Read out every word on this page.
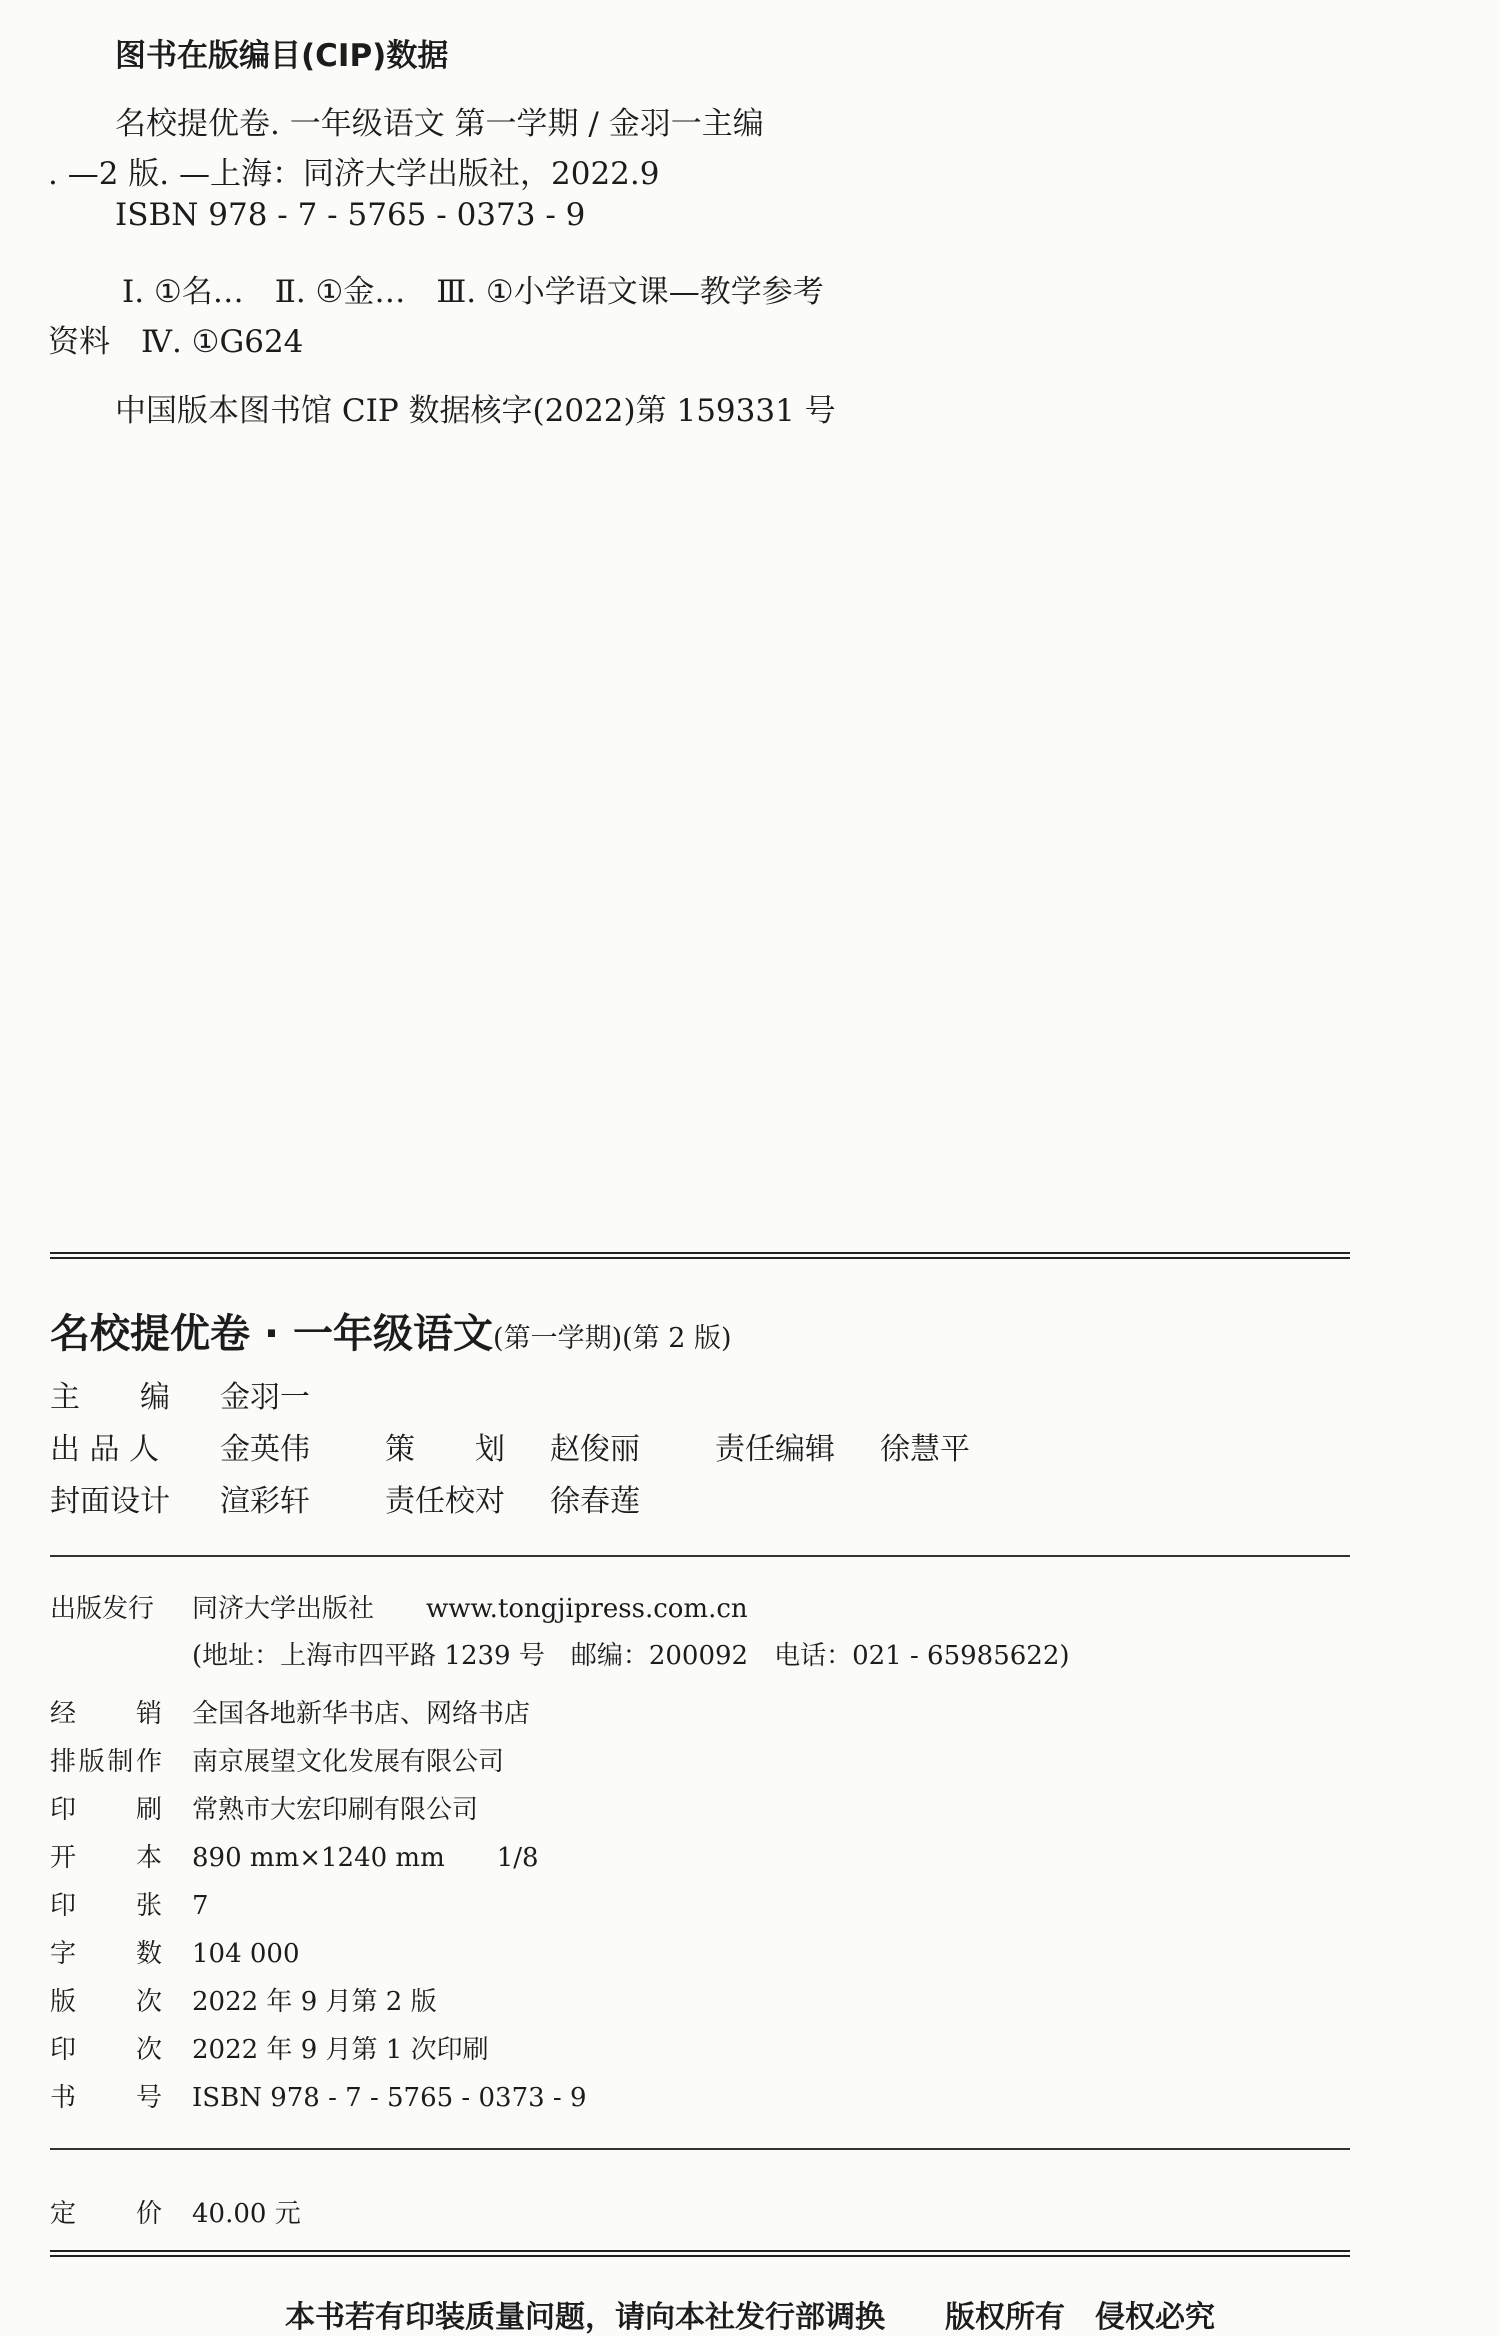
图书在版编目(CIP)数据
名校提优卷. 一年级语文 第一学期 / 金羽一主编
. —2 版. —上海：同济大学出版社，2022.9
ISBN 978 - 7 - 5765 - 0373 - 9
Ⅰ. ①名…　Ⅱ. ①金…　Ⅲ. ①小学语文课—教学参考
资料　Ⅳ. ①G624
中国版本图书馆 CIP 数据核字(2022)第 159331 号
名校提优卷 · 一年级语文(第一学期)(第 2 版)
主　　编 金羽一
出 品 人 金英伟	策　　划 赵俊丽	责任编辑 徐慧平
封面设计 渲彩轩	责任校对 徐春莲
出版发行 同济大学出版社　　www.tongjipress.com.cn
(地址：上海市四平路 1239 号　邮编：200092　电话：021 - 65985622)
经销 全国各地新华书店、网络书店
排版制作 南京展望文化发展有限公司
印刷 常熟市大宏印刷有限公司
开本 890 mm×1240 mm　　1/8
印张 7
字数 104 000
版次 2022 年 9 月第 2 版
印次 2022 年 9 月第 1 次印刷
书号 ISBN 978 - 7 - 5765 - 0373 - 9
定价 40.00 元
本书若有印装质量问题，请向本社发行部调换　　版权所有　侵权必究
